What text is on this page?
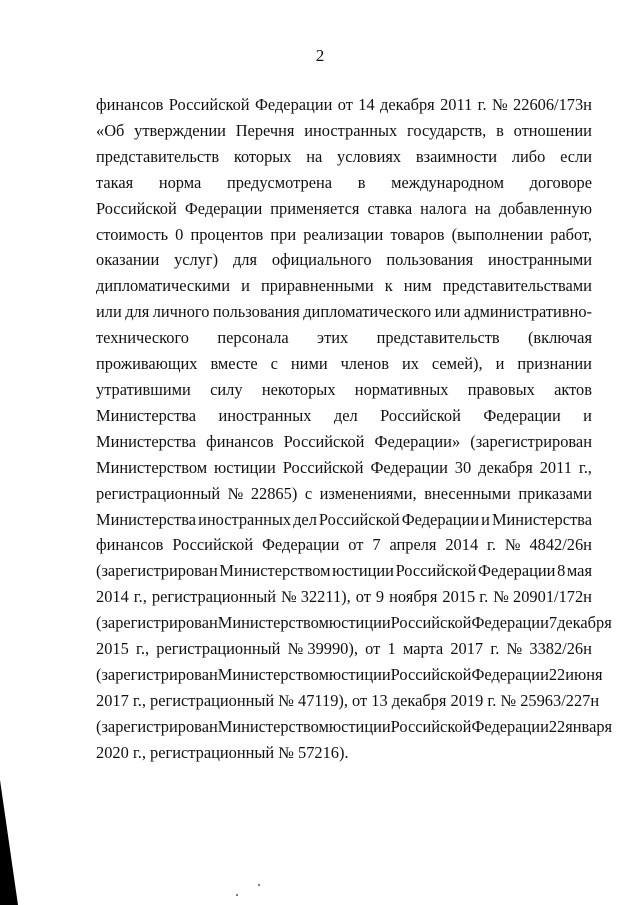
2
финансов Российской Федерации от 14 декабря 2011 г. № 22606/173н
«Об утверждении Перечня иностранных государств, в отношении
представительств которых на условиях взаимности либо если
такая норма предусмотрена в международном договоре
Российской Федерации применяется ставка налога на добавленную
стоимость 0 процентов при реализации товаров (выполнении работ,
оказании услуг) для официального пользования иностранными
дипломатическими и приравненными к ним представительствами
или для личного пользования дипломатического или административно-
технического персонала этих представительств (включая
проживающих вместе с ними членов их семей), и признании
утратившими силу некоторых нормативных правовых актов
Министерства иностранных дел Российской Федерации и
Министерства финансов Российской Федерации» (зарегистрирован
Министерством юстиции Российской Федерации 30 декабря 2011 г.,
регистрационный № 22865) с изменениями, внесенными приказами
Министерства иностранных дел Российской Федерации и Министерства
финансов Российской Федерации от 7 апреля 2014 г. № 4842/26н
(зарегистрирован Министерством юстиции Российской Федерации 8 мая
2014 г., регистрационный № 32211), от 9 ноября 2015 г. № 20901/172н
(зарегистрирован Министерством юстиции Российской Федерации 7 декабря
2015 г., регистрационный № 39990), от 1 марта 2017 г. № 3382/26н
(зарегистрирован Министерством юстиции Российской Федерации 22 июня
2017 г., регистрационный № 47119), от 13 декабря 2019 г. № 25963/227н
(зарегистрирован Министерством юстиции Российской Федерации 22 января
2020 г., регистрационный № 57216).
